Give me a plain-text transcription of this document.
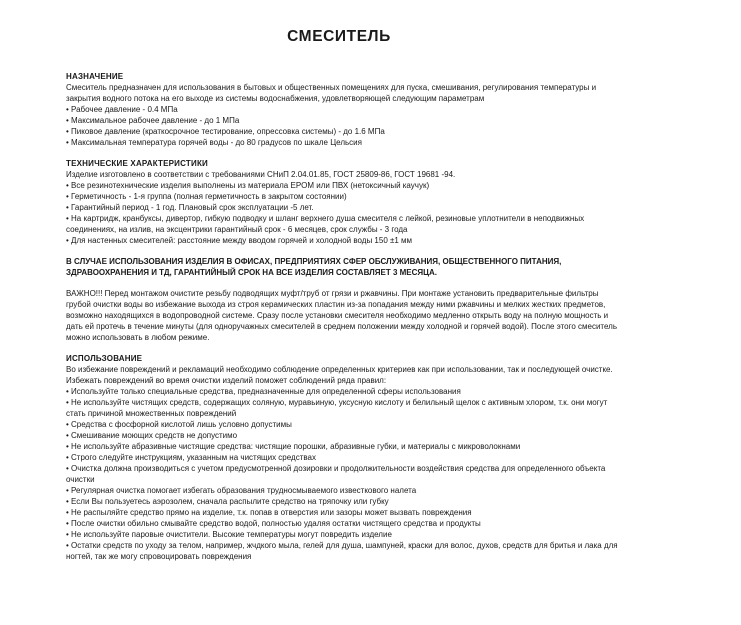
СМЕСИТЕЛЬ
НАЗНАЧЕНИЕ
Смеситель предназначен для использования в бытовых и общественных помещениях для пуска, смешивания, регулирования температуры и закрытия водного потока на его выходе из системы водоснабжения, удовлетворяющей следующим параметрам
• Рабочее давление - 0.4 МПа
• Максимальное рабочее давление - до 1 МПа
• Пиковое давление (краткосрочное тестирование, опрессовка системы) - до 1.6 МПа
• Максимальная температура горячей воды - до 80 градусов по шкале Цельсия
ТЕХНИЧЕСКИЕ ХАРАКТЕРИСТИКИ
Изделие изготовлено в соответствии с требованиями СНиП 2.04.01.85, ГОСТ 25809-86, ГОСТ 19681 -94.
• Все резинотехнические изделия выполнены из материала EPOM или ПВХ (нетоксичный каучук)
• Герметичность - 1-я группа (полная герметичность в закрытом состоянии)
• Гарантийный период - 1 год. Плановый срок эксплуатации -5 лет.
• На картридж, кранбуксы, дивертор, гибкую подводку и шланг верхнего душа смесителя с лейкой, резиновые уплотнители в неподвижных соединениях, на излив, на эксцентрики гарантийный срок - 6 месяцев, срок службы - 3 года
• Для настенных смесителей: расстояние между вводом горячей и холодной воды 150 ±1 мм
В СЛУЧАЕ ИСПОЛЬЗОВАНИЯ ИЗДЕЛИЯ В ОФИСАХ, ПРЕДПРИЯТИЯХ СФЕР ОБСЛУЖИВАНИЯ, ОБЩЕСТВЕННОГО ПИТАНИЯ, ЗДРАВООХРАНЕНИЯ И ТД, ГАРАНТИЙНЫЙ СРОК НА ВСЕ ИЗДЕЛИЯ СОСТАВЛЯЕТ 3 МЕСЯЦА.
ВАЖНО!!! Перед монтажом очистите резьбу подводящих муфт/труб от грязи и ржавчины. При монтаже установить предварительные фильтры грубой очистки воды во избежание выхода из строя керамических пластин из-за попадания между ними ржавчины и мелких жестких предметов, возможно находящихся в водопроводной системе. Сразу после установки смесителя необходимо медленно открыть воду на полную мощность и дать ей протечь в течение минуты (для одноручажных смесителей в среднем положении между холодной и горячей водой). После этого смеситель можно использовать в любом режиме.
ИСПОЛЬЗОВАНИЕ
Во избежание повреждений и рекламаций необходимо соблюдение определенных критериев как при использовании, так и последующей очистке. Избежать повреждений во время очистки изделий поможет соблюдений ряда правил:
• Используйте только специальные средства, предназначенные для определенной сферы использования
• Не используйте чистящих средств, содержащих соляную, муравьиную, уксусную кислоту и белильный щелок с активным хлором, т.к. они могут стать причиной множественных повреждений
• Средства с фосфорной кислотой лишь условно допустимы
• Смешивание моющих средств не допустимо
• Не используйте абразивные чистящие средства: чистящие порошки, абразивные губки, и материалы с микроволокнами
• Строго следуйте инструкциям, указанным на чистящих средствах
• Очистка должна производиться с учетом предусмотренной дозировки и продолжительности воздействия средства для определенного объекта очистки
• Регулярная очистка помогает избегать образования трудносмываемого известкового налета
• Если Вы пользуетесь аэрозолем, сначала распылите средство на тряпочку или губку
• Не распыляйте средство прямо на изделие, т.к. попав в отверстия или зазоры может вызвать повреждения
• После очистки обильно смывайте средство водой, полностью удаляя остатки чистящего средства и продукты
• Не используйте паровые очистители. Высокие температуры могут повредить изделие
• Остатки средств по уходу за телом, например, жчдкого мыла, гелей для душа, шампуней, краски для волос, духов, средств для бритья и лака для ногтей, так же могу спровоцировать повреждения
